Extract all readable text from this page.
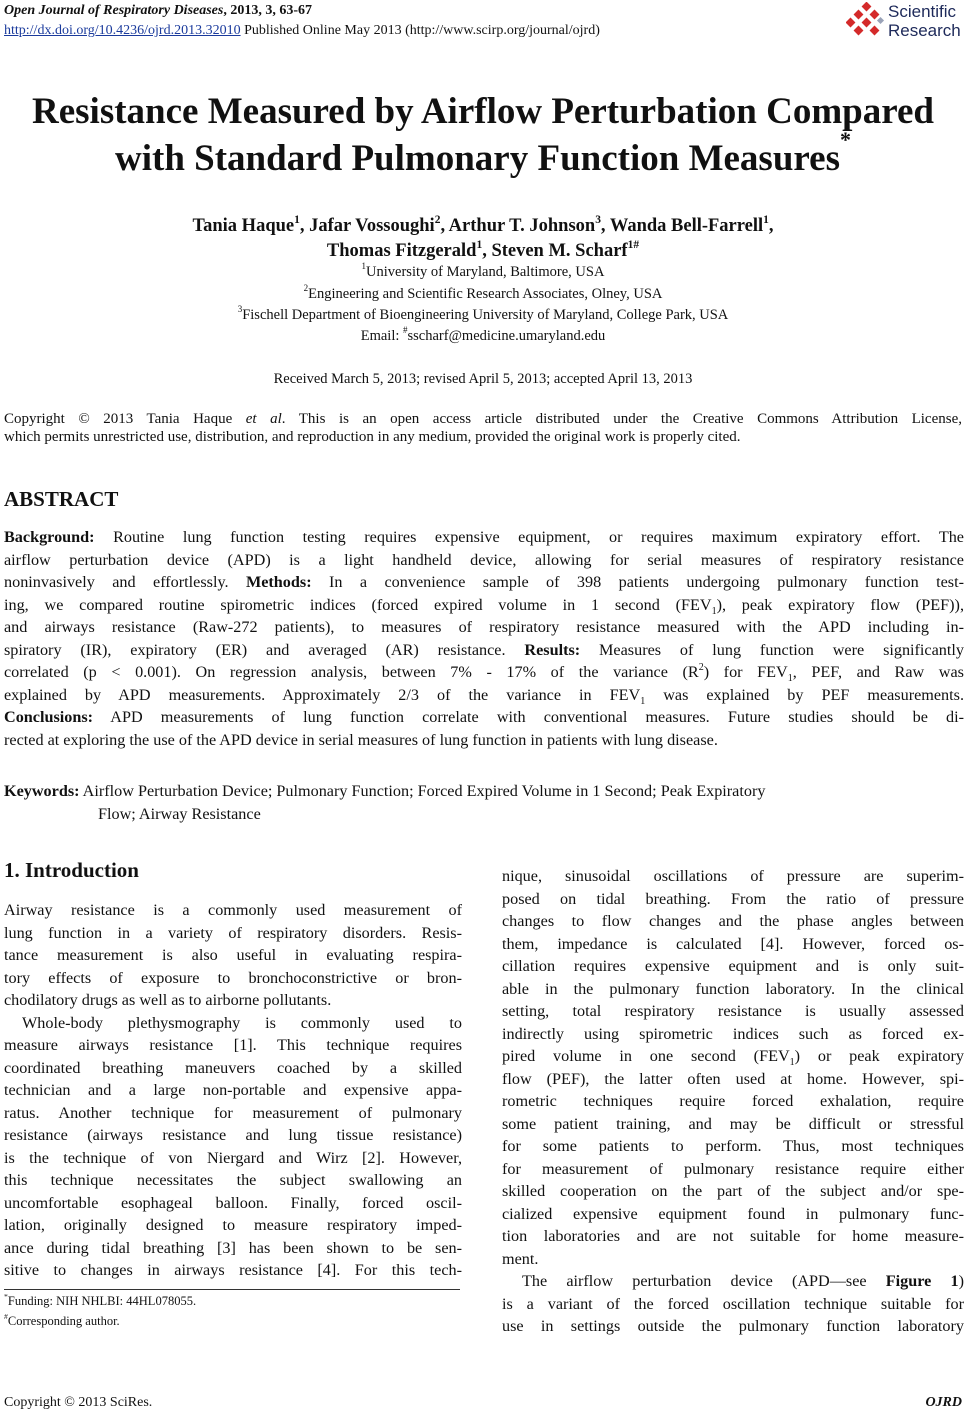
Open Journal of Respiratory Diseases, 2013, 3, 63-67
http://dx.doi.org/10.4236/ojrd.2013.32010 Published Online May 2013 (http://www.scirp.org/journal/ojrd)
Scientific
Research
Resistance Measured by Airflow Perturbation Compared
with Standard Pulmonary Function Measures*
Tania Haque$^1$, Jafar Vossoughi$^2$, Arthur T. Johnson$^3$, Wanda Bell-Farrell$^1$,
Thomas Fitzgerald$^1$, Steven M. Scharf$^{1\#}$
$^1$University of Maryland, Baltimore, USA
$^2$Engineering and Scientific Research Associates, Olney, USA
$^3$Fischell Department of Bioengineering University of Maryland, College Park, USA
Email: #sscharf@medicine.umaryland.edu
Received March 5, 2013; revised April 5, 2013; accepted April 13, 2013
Copyright © 2013 Tania Haque et al. This is an open access article distributed under the Creative Commons Attribution License,
which permits unrestricted use, distribution, and reproduction in any medium, provided the original work is properly cited.
ABSTRACT
Background: Routine lung function testing requires expensive equipment, or requires maximum expiratory effort. The
airflow perturbation device (APD) is a light handheld device, allowing for serial measures of respiratory resistance
noninvasively and effortlessly. Methods: In a convenience sample of 398 patients undergoing pulmonary function test-
ing, we compared routine spirometric indices (forced expired volume in 1 second $(FEV_1)$, peak expiratory flow (PEF)),
and airways resistance (Raw-272 patients), to measures of respiratory resistance measured with the APD including in-
spiratory (IR), expiratory (ER) and averaged (AR) resistance. Results: Measures of lung function were significantly
correlated (p < 0.001). On regression analysis, between 7% - 17% of the variance $(R^2)$ for $FEV_1$, PEF, and Raw was
explained by APD measurements. Approximately 2/3 of the variance in $FEV_1$ was explained by PEF measurements.
Conclusions: APD measurements of lung function correlate with conventional measures. Future studies should be di-
rected at exploring the use of the APD device in serial measures of lung function in patients with lung disease.
Keywords: Airflow Perturbation Device; Pulmonary Function; Forced Expired Volume in 1 Second; Peak Expiratory
Flow; Airway Resistance
1. Introduction
Airway resistance is a commonly used measurement of
lung function in a variety of respiratory disorders. Resis-
tance measurement is also useful in evaluating respira-
tory effects of exposure to bronchoconstrictive or bron-
chodilatory drugs as well as to airborne pollutants.
Whole-body plethysmography is commonly used to
measure airways resistance [1]. This technique requires
coordinated breathing maneuvers coached by a skilled
technician and a large non-portable and expensive appa-
ratus. Another technique for measurement of pulmonary
resistance (airways resistance and lung tissue resistance)
is the technique of von Niergard and Wirz [2]. However,
this technique necessitates the subject swallowing an
uncomfortable esophageal balloon. Finally, forced oscil-
lation, originally designed to measure respiratory imped-
ance during tidal breathing [3] has been shown to be sen-
sitive to changes in airways resistance [4]. For this tech-
*Funding: NIH NHLBI: 44HL078055.
#Corresponding author.
nique, sinusoidal oscillations of pressure are superim-
posed on tidal breathing. From the ratio of pressure
changes to flow changes and the phase angles between
them, impedance is calculated [4]. However, forced os-
cillation requires expensive equipment and is only suit-
able in the pulmonary function laboratory. In the clinical
setting, total respiratory resistance is usually assessed
indirectly using spirometric indices such as forced ex-
pired volume in one second $(FEV_1)$ or peak expiratory
flow (PEF), the latter often used at home. However, spi-
rometric techniques require forced exhalation, require
some patient training, and may be difficult or stressful
for some patients to perform. Thus, most techniques
for measurement of pulmonary resistance require either
skilled cooperation on the part of the subject and/or spe-
cialized expensive equipment found in pulmonary func-
tion laboratories and are not suitable for home measure-
ment.
The airflow perturbation device (APD—see Figure 1)
is a variant of the forced oscillation technique suitable for
use in settings outside the pulmonary function laboratory
Copyright © 2013 SciRes.	OJRD
